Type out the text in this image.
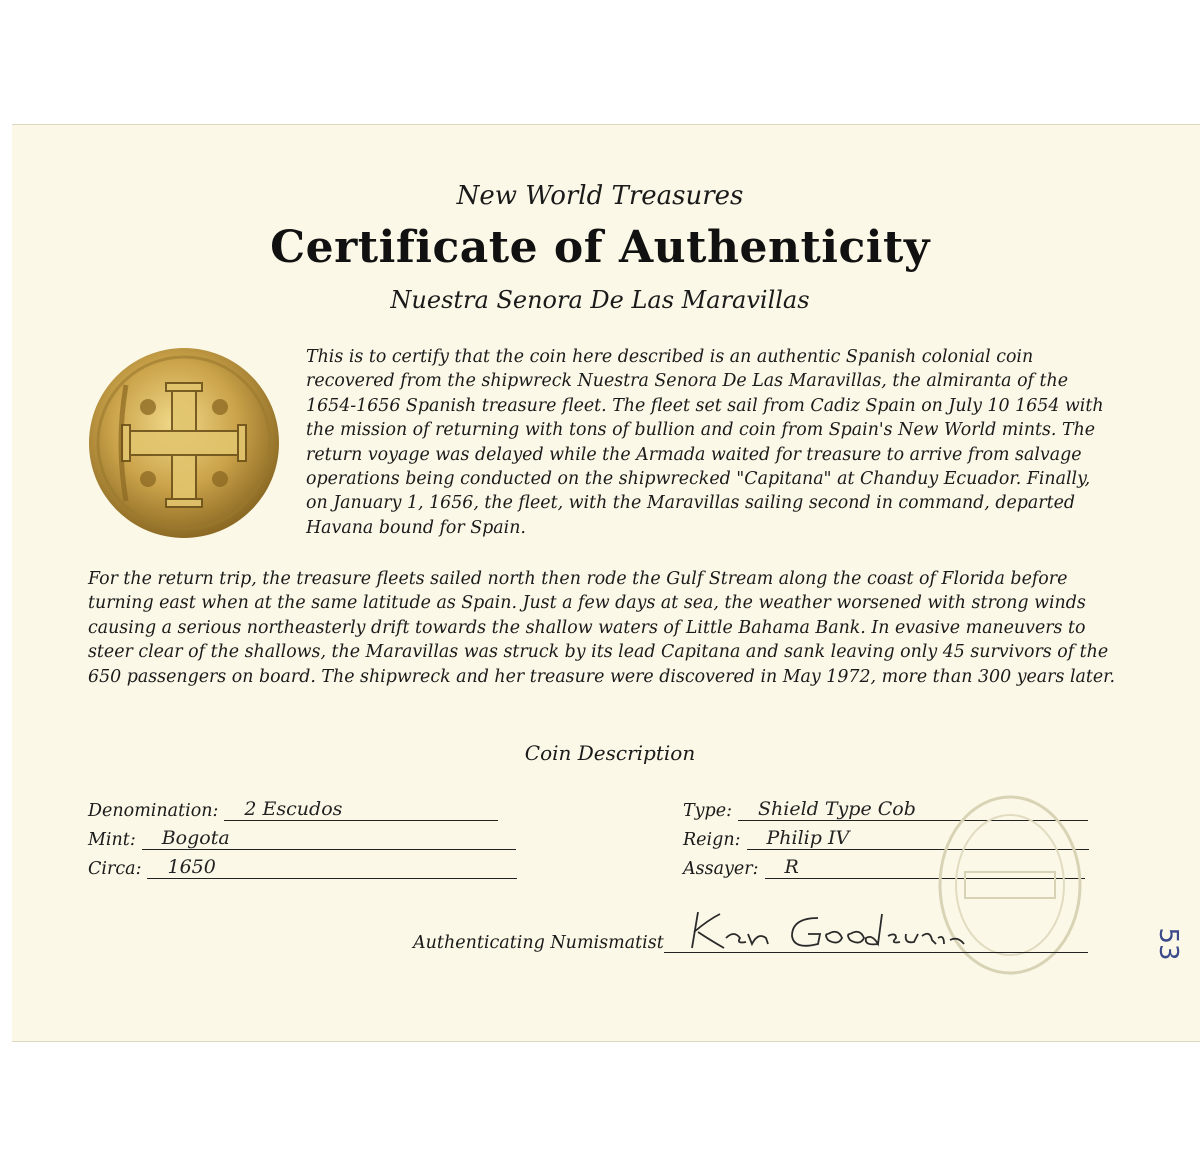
New World Treasures
Certificate of Authenticity
Nuestra Senora De Las Maravillas
This is to certify that the coin here described is an authentic Spanish colonial coin recovered from the shipwreck Nuestra Senora De Las Maravillas, the almiranta of the 1654-1656 Spanish treasure fleet. The fleet set sail from Cadiz Spain on July 10 1654 with the mission of returning with tons of bullion and coin from Spain's New World mints. The return voyage was delayed while the Armada waited for treasure to arrive from salvage operations being conducted on the shipwrecked "Capitana" at Chanduy Ecuador. Finally, on January 1, 1656, the fleet, with the Maravillas sailing second in command, departed Havana bound for Spain.
For the return trip, the treasure fleets sailed north then rode the Gulf Stream along the coast of Florida before turning east when at the same latitude as Spain. Just a few days at sea, the weather worsened with strong winds causing a serious northeasterly drift towards the shallow waters of Little Bahama Bank. In evasive maneuvers to steer clear of the shallows, the Maravillas was struck by its lead Capitana and sank leaving only 45 survivors of the 650 passengers on board. The shipwreck and her treasure were discovered in May 1972, more than 300 years later.
Coin Description
Denomination:	2 Escudos
Mint:	Bogota
Circa:	1650
Type:	Shield Type Cob
Reign:	Philip IV
Assayer:	R
Authenticating Numismatist	53
